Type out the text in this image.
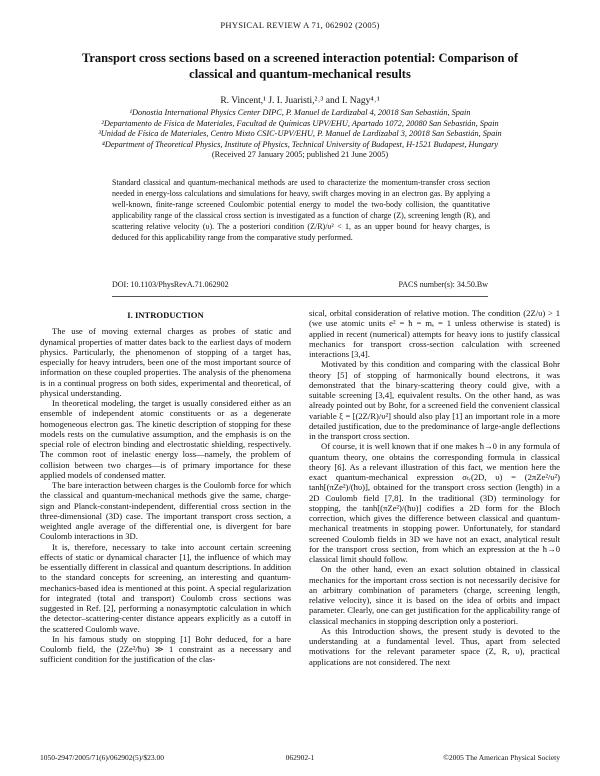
PHYSICAL REVIEW A 71, 062902 (2005)
Transport cross sections based on a screened interaction potential: Comparison of classical and quantum-mechanical results
R. Vincent,¹ J. I. Juaristi,²˒³ and I. Nagy⁴˒¹
¹Donostia International Physics Center DIPC, P. Manuel de Lardizabal 4, 20018 San Sebastián, Spain
²Departamento de Física de Materiales, Facultad de Químicas UPV/EHU, Apartado 1072, 20080 San Sebastián, Spain
³Unidad de Física de Materiales, Centro Mixto CSIC-UPV/EHU, P. Manuel de Lardizabal 3, 20018 San Sebastián, Spain
⁴Department of Theoretical Physics, Institute of Physics, Technical University of Budapest, H-1521 Budapest, Hungary
(Received 27 January 2005; published 21 June 2005)
Standard classical and quantum-mechanical methods are used to characterize the momentum-transfer cross section needed in energy-loss calculations and simulations for heavy, swift charges moving in an electron gas. By applying a well-known, finite-range screened Coulombic potential energy to model the two-body collision, the quantitative applicability range of the classical cross section is investigated as a function of charge (Z), screening length (R), and scattering relative velocity (υ). The a posteriori condition (Z/R)/υ² < 1, as an upper bound for heavy charges, is deduced for this applicability range from the comparative study performed.
DOI: 10.1103/PhysRevA.71.062902	PACS number(s): 34.50.Bw

I. INTRODUCTION

The use of moving external charges as probes of static and dynamical properties of matter dates back to the earliest days of modern physics. Particularly, the phenomenon of stopping of a target has, especially for heavy intruders, been one of the most important source of information on these coupled properties. The analysis of the phenomena is in a continual progress on both sides, experimental and theoretical, of physical understanding.

In theoretical modeling, the target is usually considered either as an ensemble of independent atomic constituents or as a degenerate homogeneous electron gas. The kinetic description of stopping for these models rests on the cumulative assumption, and the emphasis is on the special role of electron binding and electrostatic shielding, respectively. The common root of inelastic energy loss—namely, the problem of collision between two charges—is of primary importance for these applied models of condensed matter.

The bare interaction between charges is the Coulomb force for which the classical and quantum-mechanical methods give the same, charge-sign and Planck-constant-independent, differential cross section in the three-dimensional (3D) case. The important transport cross section, a weighted angle average of the differential one, is divergent for bare Coulomb interactions in 3D.

It is, therefore, necessary to take into account certain screening effects of static or dynamical character [1], the influence of which may be essentially different in classical and quantum descriptions. In addition to the standard concepts for screening, an interesting and quantum-mechanics-based idea is mentioned at this point. A special regularization for integrated (total and transport) Coulomb cross sections was suggested in Ref. [2], performing a nonasymptotic calculation in which the detector–scattering-center distance appears explicitly as a cutoff in the scattered Coulomb wave.

In his famous study on stopping [1] Bohr deduced, for a bare Coulomb field, the (2Ze²/ħυ) ≫ 1 constraint as a necessary and sufficient condition for the justification of the clas-

sical, orbital consideration of relative motion. The condition (2Z/υ) > 1 (we use atomic units e² = ħ = mₑ = 1 unless otherwise is stated) is applied in recent (numerical) attempts for heavy ions to justify classical mechanics for transport cross-section calculation with screened interactions [3,4].

Motivated by this condition and comparing with the classical Bohr theory [5] of stopping of harmonically bound electrons, it was demonstrated that the binary-scattering theory could give, with a suitable screening [3,4], equivalent results. On the other hand, as was already pointed out by Bohr, for a screened field the convenient classical variable ξ = [(2Z/R)/υ²] should also play [1] an important role in a more detailed justification, due to the predominance of large-angle deflections in the transport cross section.

Of course, it is well known that if one makes ħ→0 in any formula of quantum theory, one obtains the corresponding formula in classical theory [6]. As a relevant illustration of this fact, we mention here the exact quantum-mechanical expression σₜᵣ(2D, υ) = (2πZe²/υ²) tanh[(πZe²)/(ħυ)], obtained for the transport cross section (length) in a 2D Coulomb field [7,8]. In the traditional (3D) terminology for stopping, the tanh[(πZe²)/(ħυ)] codifies a 2D form for the Bloch correction, which gives the difference between classical and quantum-mechanical treatments in stopping power. Unfortunately, for standard screened Coulomb fields in 3D we have not an exact, analytical result for the transport cross section, from which an expression at the ħ→0 classical limit should follow.

On the other hand, even an exact solution obtained in classical mechanics for the important cross section is not necessarily decisive for an arbitrary combination of parameters (charge, screening length, relative velocity), since it is based on the idea of orbits and impact parameter. Clearly, one can get justification for the applicability range of classical mechanics in stopping description only a posteriori.

As this Introduction shows, the present study is devoted to the understanding at a fundamental level. Thus, apart from selected motivations for the relevant parameter space (Z, R, υ), practical applications are not considered. The next

1050-2947/2005/71(6)/062902(5)/$23.00	062902-1	©2005 The American Physical Society
